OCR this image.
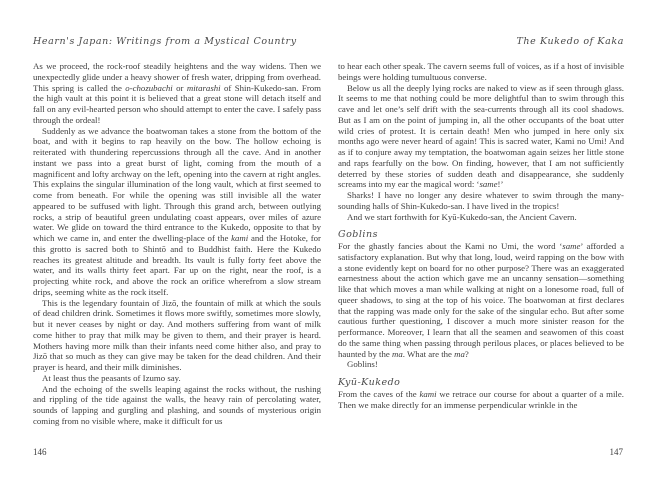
Hearn's Japan: Writings from a Mystical Country

As we proceed, the rock-roof steadily heightens and the way widens. Then we unexpectedly glide under a heavy shower of fresh water, dripping from overhead. This spring is called the o-chozubachi or mitarashi of Shin-Kukedo-san. From the high vault at this point it is believed that a great stone will detach itself and fall on any evil-hearted person who should attempt to enter the cave. I safely pass through the ordeal!

Suddenly as we advance the boatwoman takes a stone from the bottom of the boat, and with it begins to rap heavily on the bow. The hollow echoing is reiterated with thundering repercussions through all the cave. And in another instant we pass into a great burst of light, coming from the mouth of a magnificent and lofty archway on the left, opening into the cavern at right angles. This explains the singular illumination of the long vault, which at first seemed to come from beneath. For while the opening was still invisible all the water appeared to be suffused with light. Through this grand arch, between outlying rocks, a strip of beautiful green undulating coast appears, over miles of azure water. We glide on toward the third entrance to the Kukedo, opposite to that by which we came in, and enter the dwelling-place of the kami and the Hotoke, for this grotto is sacred both to Shintō and to Buddhist faith. Here the Kukedo reaches its greatest altitude and breadth. Its vault is fully forty feet above the water, and its walls thirty feet apart. Far up on the right, near the roof, is a projecting white rock, and above the rock an orifice wherefrom a slow stream drips, seeming white as the rock itself.

This is the legendary fountain of Jizō, the fountain of milk at which the souls of dead children drink. Sometimes it flows more swiftly, sometimes more slowly, but it never ceases by night or day. And mothers suffering from want of milk come hither to pray that milk may be given to them, and their prayer is heard. Mothers having more milk than their infants need come hither also, and pray to Jizō that so much as they can give may be taken for the dead children. And their prayer is heard, and their milk diminishes.

At least thus the peasants of Izumo say.

And the echoing of the swells leaping against the rocks without, the rushing and rippling of the tide against the walls, the heavy rain of percolating water, sounds of lapping and gurgling and plashing, and sounds of mysterious origin coming from no visible where, make it difficult for us

The Kukedo of Kaka

to hear each other speak. The cavern seems full of voices, as if a host of invisible beings were holding tumultuous converse.

Below us all the deeply lying rocks are naked to view as if seen through glass. It seems to me that nothing could be more delightful than to swim through this cave and let one’s self drift with the sea-currents through all its cool shadows. But as I am on the point of jumping in, all the other occupants of the boat utter wild cries of protest. It is certain death! Men who jumped in here only six months ago were never heard of again! This is sacred water, Kami no Umi! And as if to conjure away my temptation, the boatwoman again seizes her little stone and raps fearfully on the bow. On finding, however, that I am not sufficiently deterred by these stories of sudden death and disappearance, she suddenly screams into my ear the magical word: ‘same!’

Sharks! I have no longer any desire whatever to swim through the many-sounding halls of Shin-Kukedo-san. I have lived in the tropics!

And we start forthwith for Kyū-Kukedo-san, the Ancient Cavern.

Goblins

For the ghastly fancies about the Kami no Umi, the word ‘same’ afforded a satisfactory explanation. But why that long, loud, weird rapping on the bow with a stone evidently kept on board for no other purpose? There was an exaggerated earnestness about the action which gave me an uncanny sensation—something like that which moves a man while walking at night on a lonesome road, full of queer shadows, to sing at the top of his voice. The boatwoman at first declares that the rapping was made only for the sake of the singular echo. But after some cautious further questioning, I discover a much more sinister reason for the performance. Moreover, I learn that all the seamen and seawomen of this coast do the same thing when passing through perilous places, or places believed to be haunted by the ma. What are the ma?

Goblins!

Kyū-Kukedo

From the caves of the kami we retrace our course for about a quarter of a mile. Then we make directly for an immense perpendicular wrinkle in the

146	147
